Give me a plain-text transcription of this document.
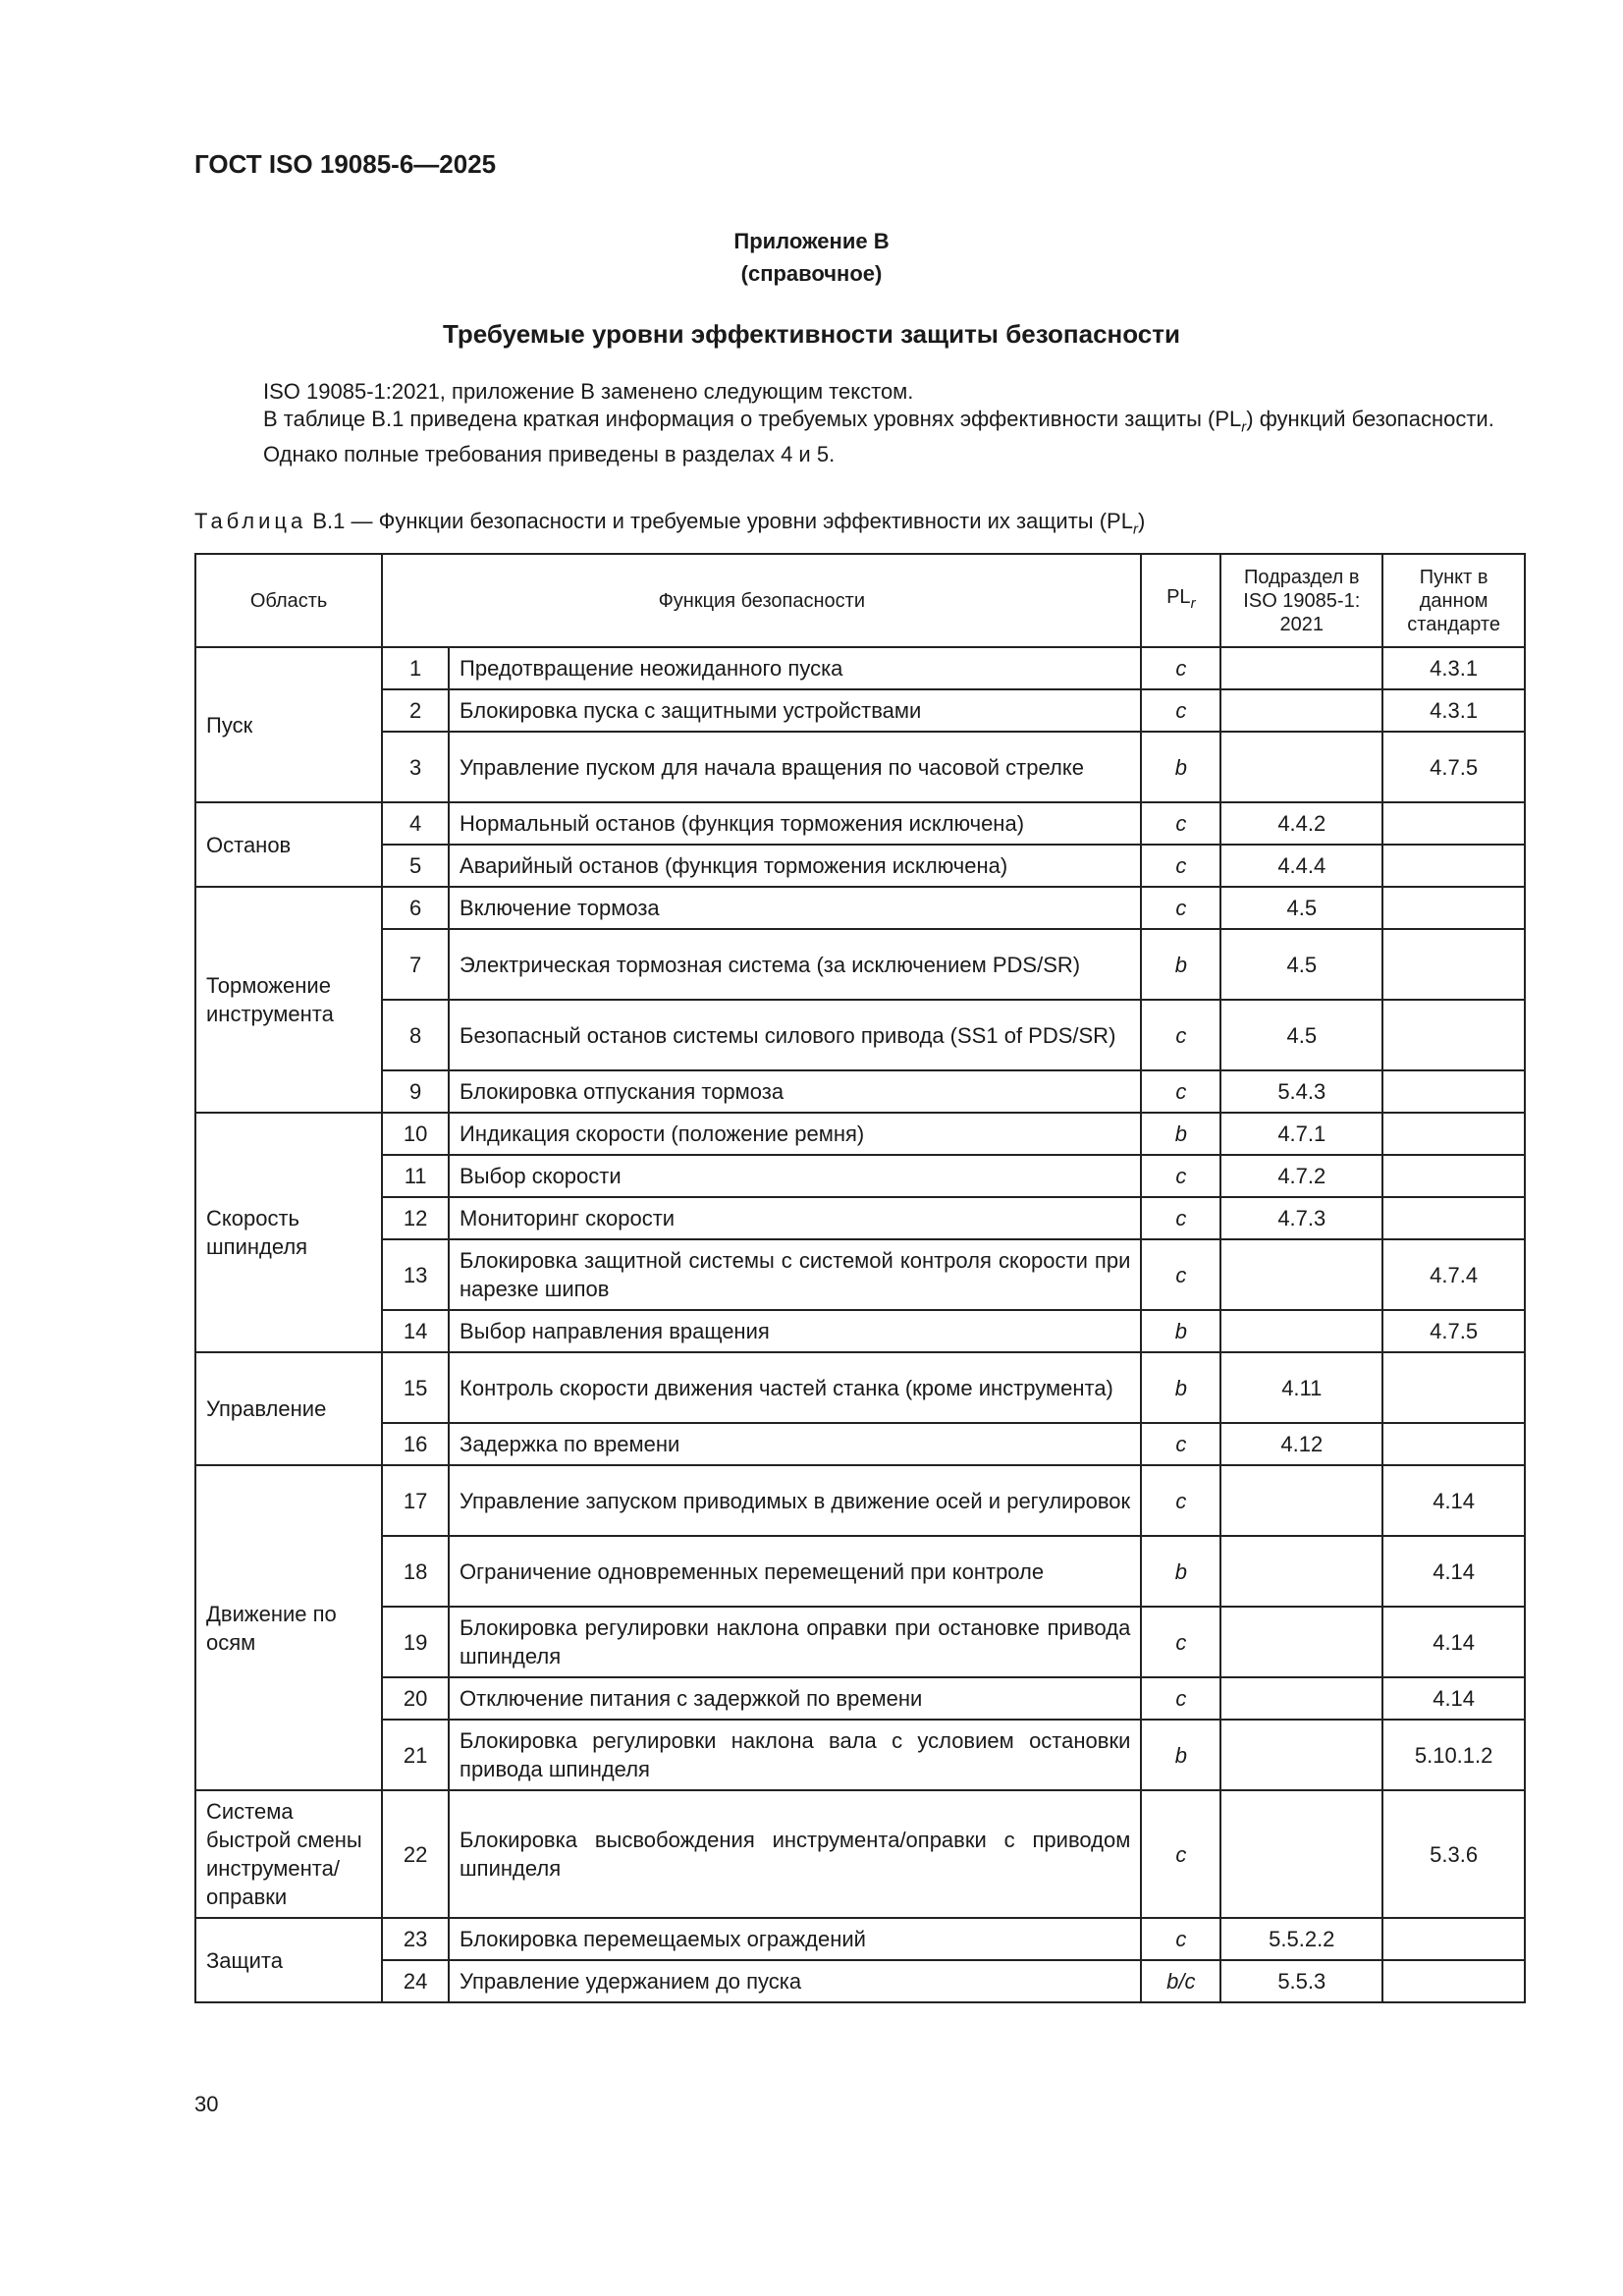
ГОСТ ISO 19085-6—2025
Приложение В
(справочное)
Требуемые уровни эффективности защиты безопасности

ISO 19085-1:2021, приложение В заменено следующим текстом.

В таблице В.1 приведена краткая информация о требуемых уровнях эффективности защиты $(PL_r)$ функций безопасности.

Однако полные требования приведены в разделах 4 и 5.

Таблица В.1 — Функции безопасности и требуемые уровни эффективности их защиты $(PL_r)$
Область	Функция безопасности		$PL_r$	Подраздел в ISO 19085-1: 2021	Пункт в данном стандарте
Пуск	1	Предотвращение неожиданного пуска	c		4.3.1
	2	Блокировка пуска с защитными устройствами	c		4.3.1
	3	Управление пуском для начала вращения по часовой стрелке	b		4.7.5
Останов	4	Нормальный останов (функция торможения исключена)	c	4.4.2	
	5	Аварийный останов (функция торможения исключена)	c	4.4.4	
Торможение инструмента	6	Включение тормоза	c	4.5	
	7	Электрическая тормозная система (за исключением PDS/SR)	b	4.5	
	8	Безопасный останов системы силового привода (SS1 of PDS/SR)	c	4.5	
	9	Блокировка отпускания тормоза	c	5.4.3	
Скорость шпинделя	10	Индикация скорости (положение ремня)	b	4.7.1	
	11	Выбор скорости	c	4.7.2	
	12	Мониторинг скорости	c	4.7.3	
	13	Блокировка защитной системы с системой контроля скорости при нарезке шипов	c		4.7.4
	14	Выбор направления вращения	b		4.7.5
Управление	15	Контроль скорости движения частей станка (кроме инструмента)	b	4.11	
	16	Задержка по времени	c	4.12	
Движение по осям	17	Управление запуском приводимых в движение осей и регулировок	c		4.14
	18	Ограничение одновременных перемещений при контроле	b		4.14
	19	Блокировка регулировки наклона оправки при остановке привода шпинделя	c		4.14
	20	Отключение питания с задержкой по времени	c		4.14
	21	Блокировка регулировки наклона вала с условием остановки привода шпинделя	b		5.10.1.2
Система быстрой смены инструмента/оправки	22	Блокировка высвобождения инструмента/оправки с приводом шпинделя	c		5.3.6
Защита	23	Блокировка перемещаемых ограждений	c	5.5.2.2	
	24	Управление удержанием до пуска	b/c	5.5.3	
30
